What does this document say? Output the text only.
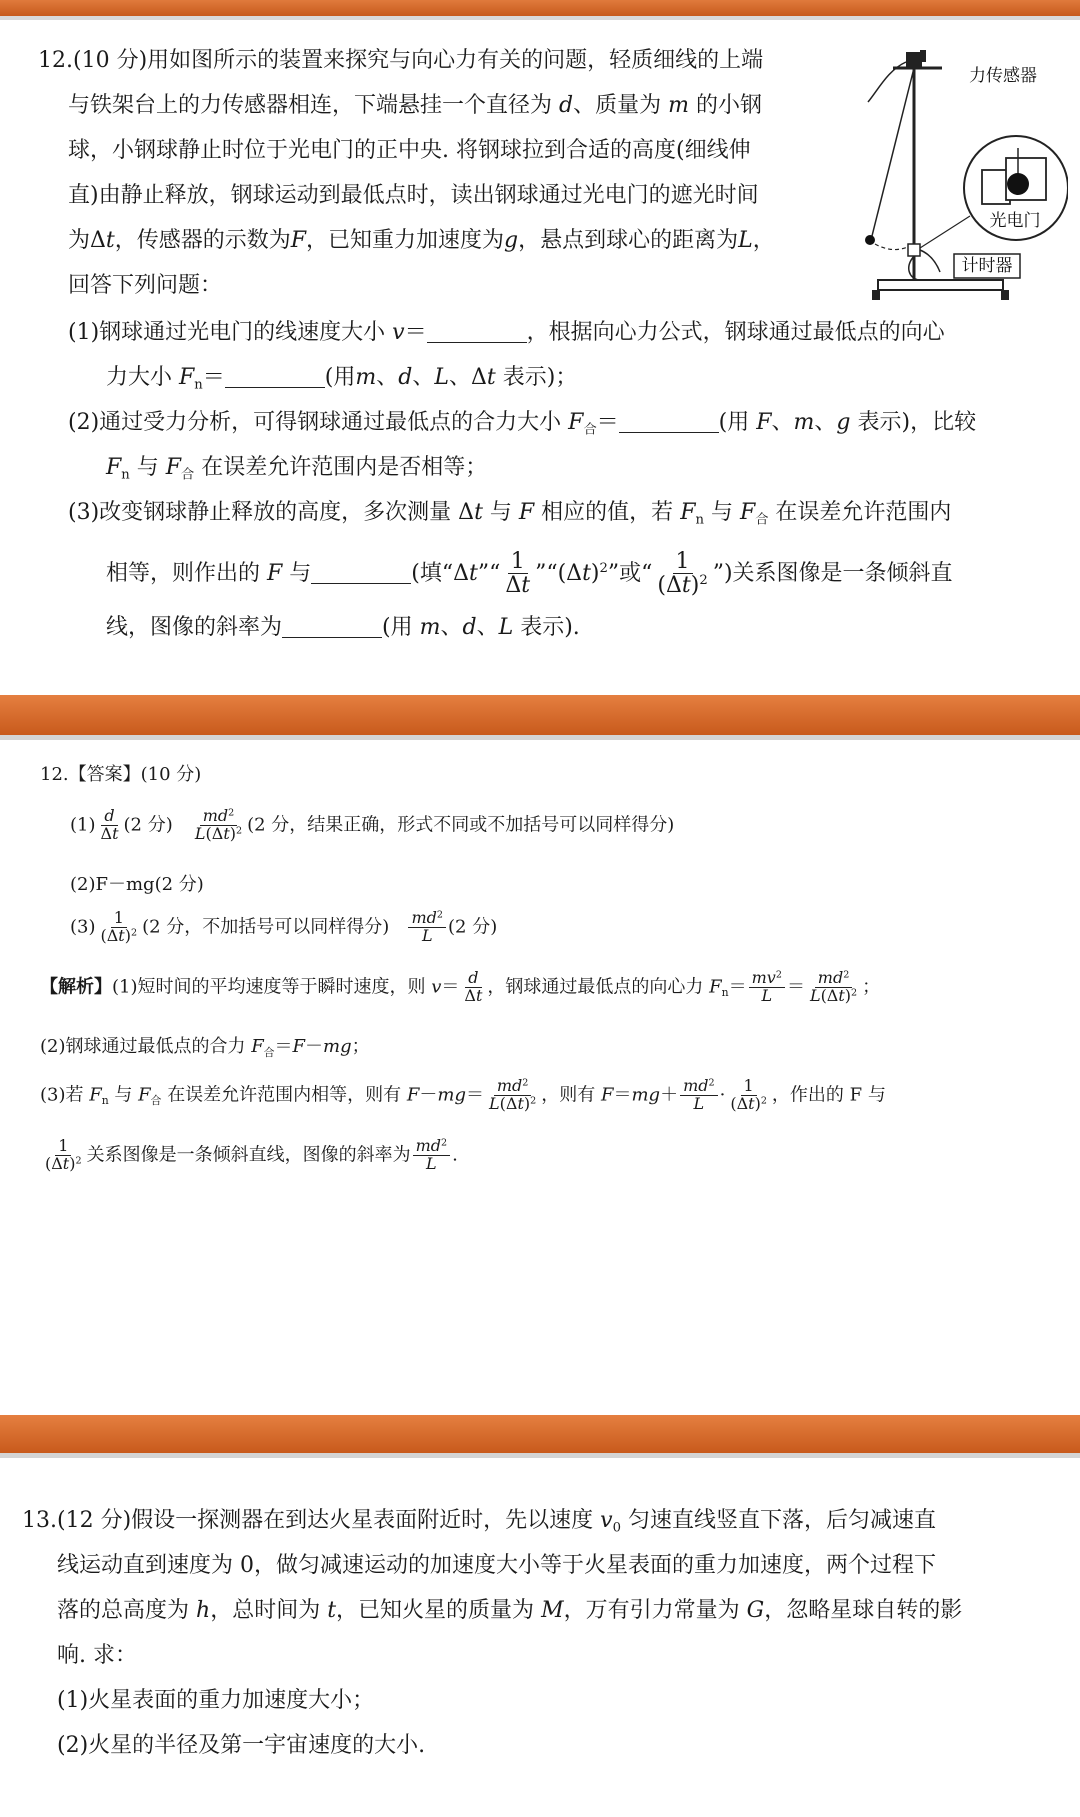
12.(10 分)用如图所示的装置来探究与向心力有关的问题，轻质细线的上端
与铁架台上的力传感器相连，下端悬挂一个直径为 d、质量为 m 的小钢
球，小钢球静止时位于光电门的正中央. 将钢球拉到合适的高度(细线伸
直)由静止释放，钢球运动到最低点时，读出钢球通过光电门的遮光时间
为Δt，传感器的示数为F，已知重力加速度为g，悬点到球心的距离为L，
回答下列问题：
(1)钢球通过光电门的线速度大小 v＝	，根据向心力公式，钢球通过最低点的向心
力大小 $F_n=$	(用m、d、L、Δt 表示)；
(2)通过受力分析，可得钢球通过最低点的合力大小 $F_合=$	(用 F、m、g 表示)，比较
$F_n$ 与 $F_合$ 在误差允许范围内是否相等；
(3)改变钢球静止释放的高度，多次测量 Δt 与 F 相应的值，若 $F_n$ 与 $F_合$ 在误差允许范围内
相等，则作出的 F 与	(填“Δt”“ $\frac{1}{\Delta t}$ $”“(\Delta t)^2$”或“ $\frac{1}{(\Delta t)^2}$ ”)关系图像是一条倾斜直
线，图像的斜率为	(用 m、d、L 表示).
计时器
力传感器
光电门
12.【答案】(10 分)
$(1) \frac{d}{\Delta t} (2$ 分) $\frac{md^2}{L(\Delta t)^2} (2$ 分，结果正确，形式不同或不加括号可以同样得分)
(2)F－mg(2 分)
$(3) \frac{1}{(\Delta t)^2} (2$ 分，不加括号可以同样得分) $\frac{md^2}{L} (2$ 分)
【解析】(1)短时间的平均速度等于瞬时速度，则 $v= \frac{d}{\Delta t}$ ，钢球通过最低点的向心力 $F_n= \frac{mv^2}{L} = \frac{md^2}{L(\Delta t)^2}$ ；
(2)钢球通过最低点的合力 $F_合=F-mg$；
(3)若 $F_n$ 与 $F_合$ 在误差允许范围内相等，则有 $F-mg= \frac{md^2}{L(\Delta t)^2}$ ，则有 $F=mg+ \frac{md^2}{L} \cdot \frac{1}{(\Delta t)^2}$ ，作出的 F 与
$\frac{1}{(\Delta t)^2}$ 关系图像是一条倾斜直线，图像的斜率为 $\frac{md^2}{L}$ .
13.(12 分)假设一探测器在到达火星表面附近时，先以速度 $v_0$ 匀速直线竖直下落，后匀减速直
线运动直到速度为 0，做匀减速运动的加速度大小等于火星表面的重力加速度，两个过程下
落的总高度为 h，总时间为 t，已知火星的质量为 M，万有引力常量为 G，忽略星球自转的影
响. 求：
(1)火星表面的重力加速度大小；
(2)火星的半径及第一宇宙速度的大小.
